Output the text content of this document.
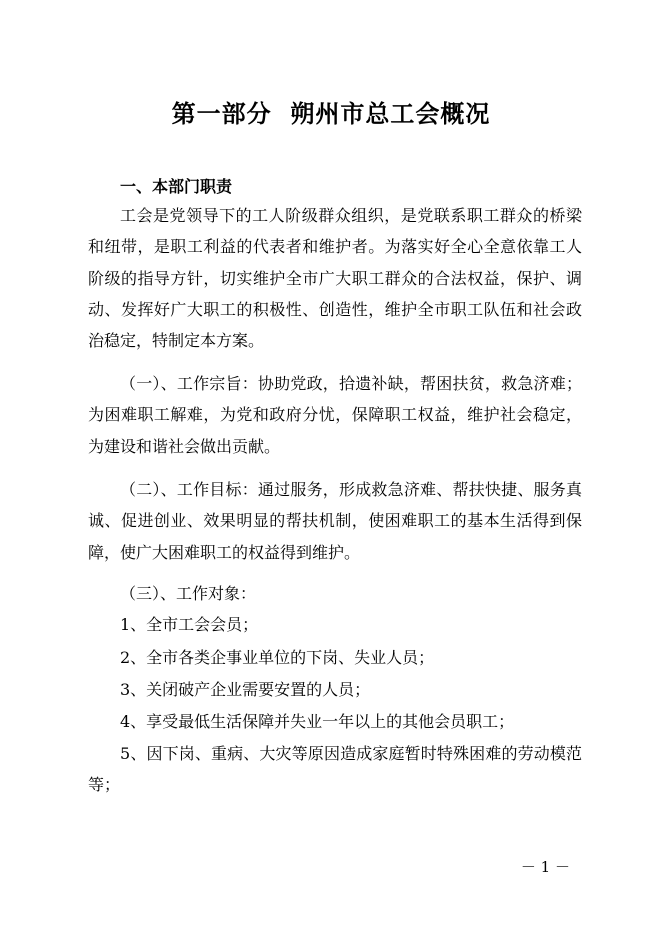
第一部分  朔州市总工会概况
一、本部门职责

工会是党领导下的工人阶级群众组织，是党联系职工群众的桥梁和纽带，是职工利益的代表者和维护者。为落实好全心全意依靠工人阶级的指导方针，切实维护全市广大职工群众的合法权益，保护、调动、发挥好广大职工的积极性、创造性，维护全市职工队伍和社会政治稳定，特制定本方案。

（一）、工作宗旨：协助党政，拾遗补缺，帮困扶贫，救急济难；为困难职工解难，为党和政府分忧，保障职工权益，维护社会稳定，为建设和谐社会做出贡献。

（二）、工作目标：通过服务，形成救急济难、帮扶快捷、服务真诚、促进创业、效果明显的帮扶机制，使困难职工的基本生活得到保障，使广大困难职工的权益得到维护。

（三）、工作对象：

1、全市工会会员；

2、全市各类企事业单位的下岗、失业人员；

3、关闭破产企业需要安置的人员；

4、享受最低生活保障并失业一年以上的其他会员职工；

5、因下岗、重病、大灾等原因造成家庭暂时特殊困难的劳动模范等；

－ 1 －
